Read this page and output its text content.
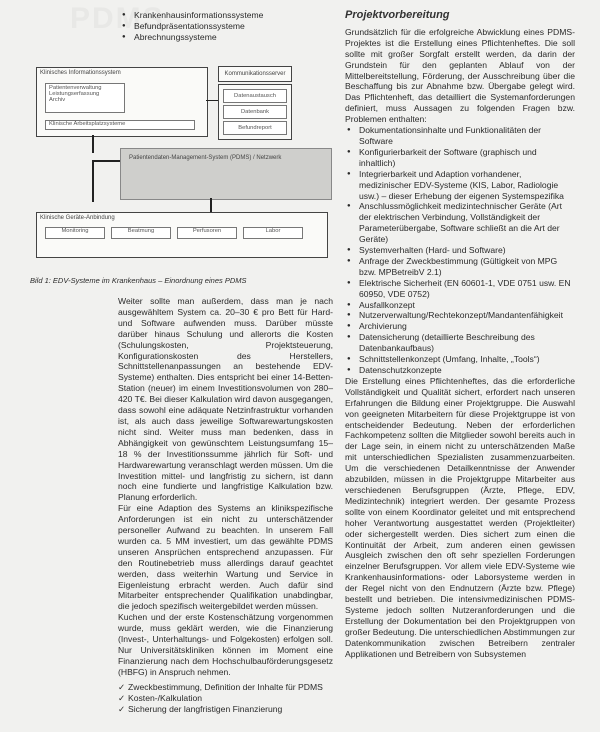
PDMS
● Krankenhausinformationssysteme
● Befundpräsentationssysteme
● Abrechnungssysteme
Klinisches Informationssystem
Patientenverwaltung
Leistungserfassung
Archiv
Klinische Arbeitsplatzsysteme
Kommunikationsserver
Datenaustausch
Datenbank
Befundreport
Patientendaten-Management-System (PDMS) / Netzwerk
Klinische Geräte-Anbindung
Monitoring	Beatmung	Perfusoren	Labor
Bild 1: EDV-Systeme im Krankenhaus – Einordnung eines PDMS

Weiter sollte man außerdem, dass man je nach ausgewähltem System ca. 20–30 € pro Bett für Hard- und Software aufwenden muss. Darüber müsste darüber hinaus Schulung und allerorts die Kosten (Schulungskosten, Projektsteuerung, Konfigurationskosten des Herstellers, Schnittstellenanpassungen an bestehende EDV-Systeme) enthalten. Dies entspricht bei einer 14-Betten-Station (neuer) im einem Investitionsvolumen von 280–420 T€. Bei dieser Kalkulation wird davon ausgegangen, dass sowohl eine adäquate Netzinfrastruktur vorhanden ist, als auch dass jeweilige Softwarewartungskosten nicht sind. Weiter muss man bedenken, dass in Abhängigkeit von gewünschtem Leistungsumfang 15–18 % der Investitionssumme jährlich für Soft- und Hardwarewartung veranschlagt werden müssen. Um die Investition mittel- und langfristig zu sichern, ist dann noch eine fundierte und langfristige Kalkulation bzw. Planung erforderlich.

Für eine Adaption des Systems an klinikspezifische Anforderungen ist ein nicht zu unterschätzender personeller Aufwand zu beachten. In unserem Fall wurden ca. 5 MM investiert, um das gewählte PDMS unseren Ansprüchen entsprechend anzupassen. Für den Routinebetrieb muss allerdings darauf geachtet werden, dass weiterhin Wartung und Service in Eigenleistung erbracht werden. Auch dafür sind Mitarbeiter entsprechender Qualifikation unabdingbar, die jedoch spezifisch weitergebildet werden müssen.

Kuchen und der erste Kostenschätzung vorgenommen wurde, muss geklärt werden, wie die Finanzierung (Invest-, Unterhaltungs- und Folgekosten) erfolgen soll. Nur Universitätskliniken können im Moment eine Finanzierung nach dem Hochschulbauförderungsgesetz (HBFG) in Anspruch nehmen.

✓ Zweckbestimmung, Definition der Inhalte für PDMS
✓ Kosten-/Kalkulation
✓ Sicherung der langfristigen Finanzierung
Projektvorbereitung

Grundsätzlich für die erfolgreiche Abwicklung eines PDMS-Projektes ist die Erstellung eines Pflichtenheftes. Die soll sollte mit großer Sorgfalt erstellt werden, da darin der Grundstein für den geplanten Ablauf von der Mittelbereitstellung, Förderung, der Ausschreibung über die Beschaffung bis zur Abnahme bzw. Übergabe gelegt wird. Das Pflichtenheft, das detailliert die Systemanforderungen definiert, muss Aussagen zu folgenden Fragen bzw. Problemen enthalten:

● Dokumentationsinhalte und Funktionalitäten der Software
● Konfigurierbarkeit der Software (graphisch und inhaltlich)
● Integrierbarkeit und Adaption vorhandener, medizinischer EDV-Systeme (KIS, Labor, Radiologie usw.) – dieser Erhebung der eigenen Systemspezifika
● Anschlussmöglichkeit medizintechnischer Geräte (Art der elektrischen Verbindung, Vollständigkeit der Parameterübergabe, Software schließt an die Art der Geräte)
● Systemverhalten (Hard- und Software)
● Anfrage der Zweckbestimmung (Gültigkeit von MPG bzw. MPBetreibV 2.1)
● Elektrische Sicherheit (EN 60601-1, VDE 0751 usw. EN 60950, VDE 0752)
● Ausfallkonzept
● Nutzerverwaltung/Rechtekonzept/Mandantenfähigkeit
● Archivierung
● Datensicherung (detaillierte Beschreibung des Datenbankaufbaus)
● Schnittstellenkonzept (Umfang, Inhalte, „Tools“)
● Datenschutzkonzepte

Die Erstellung eines Pflichtenheftes, das die erforderliche Vollständigkeit und Qualität sichert, erfordert nach unseren Erfahrungen die Bildung einer Projektgruppe. Die Auswahl von geeigneten Mitarbeitern für diese Projektgruppe ist von entscheidender Bedeutung. Neben der erforderlichen Fachkompetenz sollten die Mitglieder sowohl bereits auch in der Lage sein, in einem nicht zu unterschätzenden Maße mit unterschiedlichen Spezialisten zusammenzuarbeiten. Um die verschiedenen Detailkenntnisse der Anwender abzubilden, müssen in die Projektgruppe Mitarbeiter aus verschiedenen Berufsgruppen (Ärzte, Pflege, EDV, Medizintechnik) integriert werden. Der gesamte Prozess sollte von einem Koordinator geleitet und mit entsprechend hoher Verantwortung ausgestattet werden (Projektleiter) oder sichergestellt werden. Dies sichert zum einen die Kontinuität der Arbeit, zum anderen einen gewissen Ausgleich zwischen den oft sehr speziellen Forderungen einzelner Berufsgruppen. Vor allem viele EDV-Systeme wie Krankenhausinformations- oder Laborsysteme werden in der Regel nicht von den Endnutzern (Ärzte bzw. Pflege) bestellt und betrieben. Die intensivmedizinischen PDMS-Systeme jedoch sollten Nutzeranforderungen und die Erstellung der Dokumentation bei den Projektgruppen von großer Bedeutung. Die unterschiedlichen Abstimmungen zur Datenkommunikation zwischen Betreibern zentraler Applikationen und Betreibern von Subsystemen
